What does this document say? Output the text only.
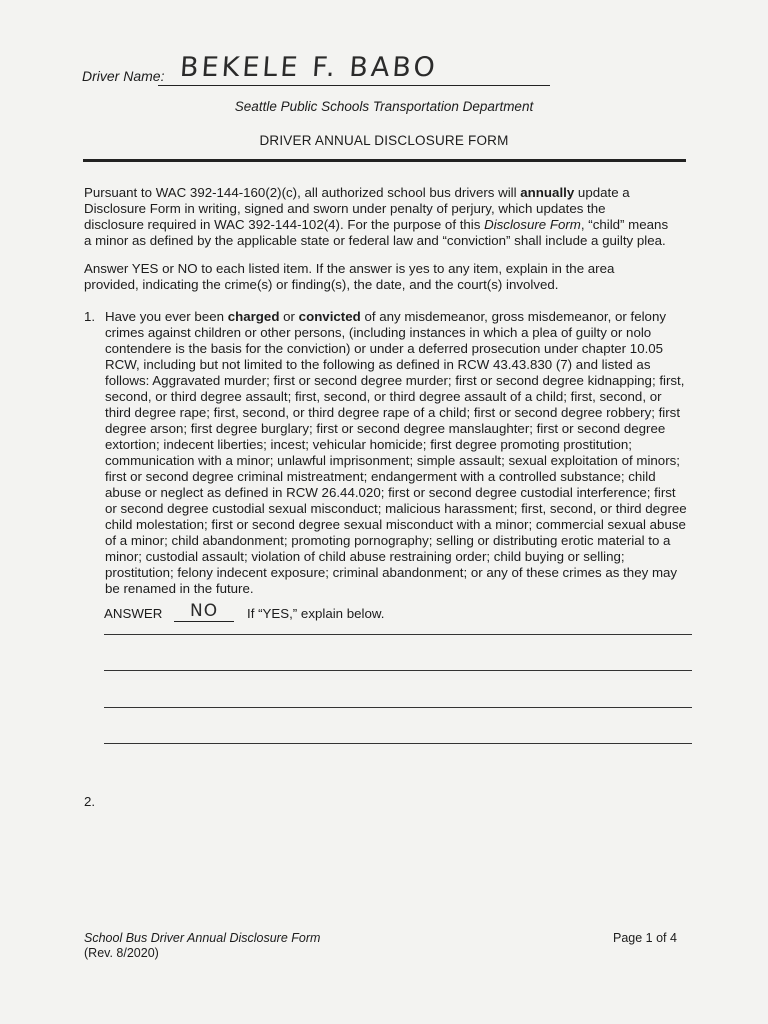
Driver Name: BEKELE F. BABO
Seattle Public Schools Transportation Department
DRIVER ANNUAL DISCLOSURE FORM

Pursuant to WAC 392-144-160(2)(c), all authorized school bus drivers will annually update a Disclosure Form in writing, signed and sworn under penalty of perjury, which updates the disclosure required in WAC 392-144-102(4). For the purpose of this Disclosure Form, “child” means a minor as defined by the applicable state or federal law and “conviction” shall include a guilty plea.

Answer YES or NO to each listed item. If the answer is yes to any item, explain in the area provided, indicating the crime(s) or finding(s), the date, and the court(s) involved.

1. Have you ever been charged or convicted of any misdemeanor, gross misdemeanor, or felony crimes against children or other persons, (including instances in which a plea of guilty or nolo contendere is the basis for the conviction) or under a deferred prosecution under chapter 10.05 RCW, including but not limited to the following as defined in RCW 43.43.830 (7) and listed as follows: Aggravated murder; first or second degree murder; first or second degree kidnapping; first, second, or third degree assault; first, second, or third degree assault of a child; first, second, or third degree rape; first, second, or third degree rape of a child; first or second degree robbery; first degree arson; first degree burglary; first or second degree manslaughter; first or second degree extortion; indecent liberties; incest; vehicular homicide; first degree promoting prostitution; communication with a minor; unlawful imprisonment; simple assault; sexual exploitation of minors; first or second degree criminal mistreatment; endangerment with a controlled substance; child abuse or neglect as defined in RCW 26.44.020; first or second degree custodial interference; first or second degree custodial sexual misconduct; malicious harassment; first, second, or third degree child molestation; first or second degree sexual misconduct with a minor; commercial sexual abuse of a minor; child abandonment; promoting pornography; selling or distributing erotic material to a minor; custodial assault; violation of child abuse restraining order; child buying or selling; prostitution; felony indecent exposure; criminal abandonment; or any of these crimes as they may be renamed in the future.

ANSWER NO If “YES,” explain below.
2.
School Bus Driver Annual Disclosure Form
(Rev. 8/2020)
Page 1 of 4
